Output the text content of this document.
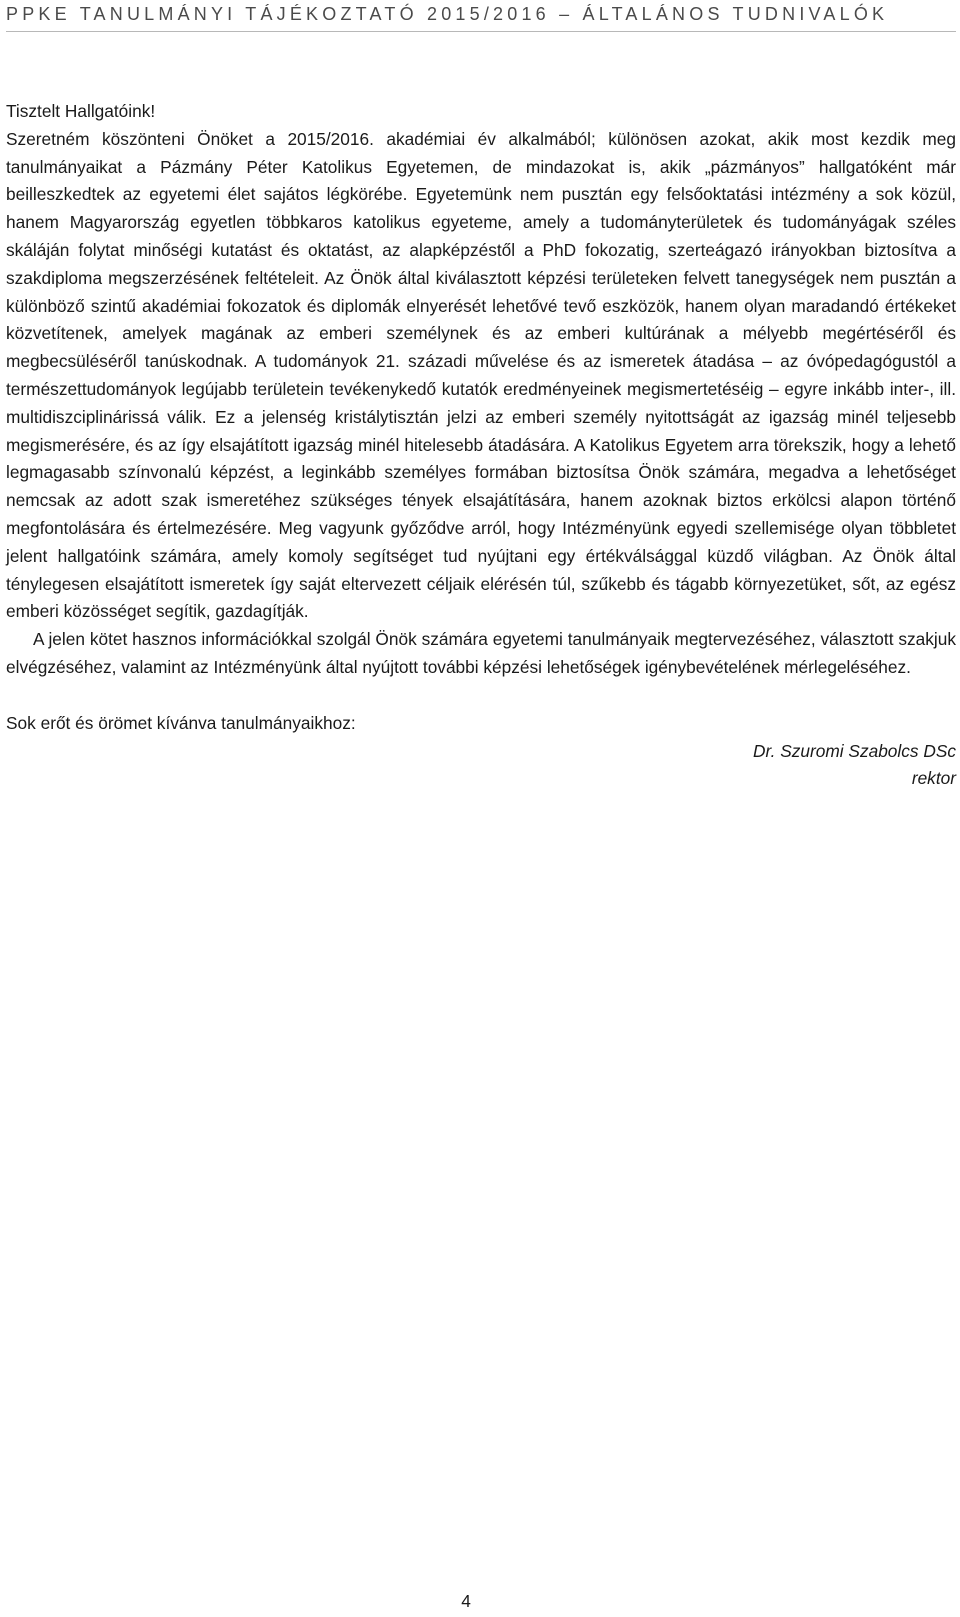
PPKE TANULMÁNYI TÁJÉKOZTATÓ 2015/2016 – ÁLTALÁNOS TUDNIVALÓK

Tisztelt Hallgatóink!

Szeretném köszönteni Önöket a 2015/2016. akadémiai év alkalmából; különösen azokat, akik most kezdik meg tanulmányaikat a Pázmány Péter Katolikus Egyetemen, de mindazokat is, akik „pázmányos” hallgatóként már beilleszkedtek az egyetemi élet sajátos légkörébe. Egyetemünk nem pusztán egy felsőoktatási intézmény a sok közül, hanem Magyarország egyetlen többkaros katolikus egyeteme, amely a tudományterületek és tudományágak széles skáláján folytat minőségi kutatást és oktatást, az alapképzéstől a PhD fokozatig, szerteágazó irányokban biztosítva a szakdiploma megszerzésének feltételeit. Az Önök által kiválasztott képzési területeken felvett tanegységek nem pusztán a különböző szintű akadémiai fokozatok és diplomák elnyerését lehetővé tevő eszközök, hanem olyan maradandó értékeket közvetítenek, amelyek magának az emberi személynek és az emberi kultúrának a mélyebb megértéséről és megbecsüléséről tanúskodnak. A tudományok 21. századi művelése és az ismeretek átadása – az óvópedagógustól a természettudományok legújabb területein tevékenykedő kutatók eredményeinek megismertetéséig – egyre inkább inter-, ill. multidiszciplinárissá válik. Ez a jelenség kristálytisztán jelzi az emberi személy nyitottságát az igazság minél teljesebb megismerésére, és az így elsajátított igazság minél hitelesebb átadására. A Katolikus Egyetem arra törekszik, hogy a lehető legmagasabb színvonalú képzést, a leginkább személyes formában biztosítsa Önök számára, megadva a lehetőséget nemcsak az adott szak ismeretéhez szükséges tények elsajátítására, hanem azoknak biztos erkölcsi alapon történő megfontolására és értelmezésére. Meg vagyunk győződve arról, hogy Intézményünk egyedi szellemisége olyan többletet jelent hallgatóink számára, amely komoly segítséget tud nyújtani egy értékválsággal küzdő világban. Az Önök által ténylegesen elsajátított ismeretek így saját eltervezett céljaik elérésén túl, szűkebb és tágabb környezetüket, sőt, az egész emberi közösséget segítik, gazdagítják.

A jelen kötet hasznos információkkal szolgál Önök számára egyetemi tanulmányaik megtervezéséhez, választott szakjuk elvégzéséhez, valamint az Intézményünk által nyújtott további képzési lehetőségek igénybevételének mérlegeléséhez.

Sok erőt és örömet kívánva tanulmányaikhoz:

Dr. Szuromi Szabolcs DSc

rektor

4
